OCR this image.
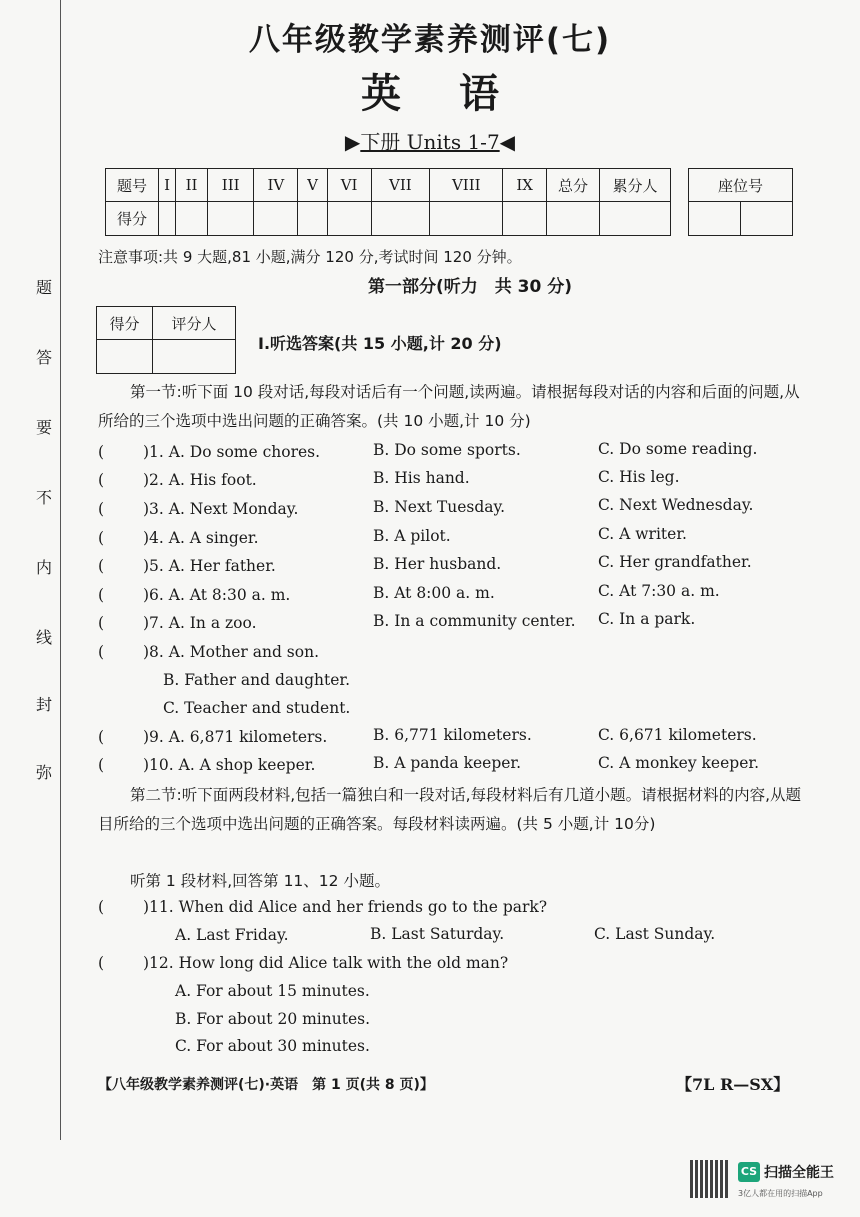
题
答
要
不
内
线
封
弥
八年级教学素养测评(七)
英语
▶下册 Units 1-7◀
题号	I	II	III	IV	V	VI	VII	VIII	IX	总分	累分人
得分											
座位号

注意事项:共 9 大题,81 小题,满分 120 分,考试时间 120 分钟。
第一部分(听力　共 30 分)
得分	评分人

Ⅰ.听选答案(共 15 小题,计 20 分)
第一节:听下面 10 段对话,每段对话后有一个问题,读两遍。请根据每段对话的内容和后面的问题,从所给的三个选项中选出问题的正确答案。(共 10 小题,计 10 分)
(	)1. A. Do some chores.	B. Do some sports.	C. Do some reading.
(	)2. A. His foot.	B. His hand.	C. His leg.
(	)3. A. Next Monday.	B. Next Tuesday.	C. Next Wednesday.
(	)4. A. A singer.	B. A pilot.	C. A writer.
(	)5. A. Her father.	B. Her husband.	C. Her grandfather.
(	)6. A. At 8:30 a. m.	B. At 8:00 a. m.	C. At 7:30 a. m.
(	)7. A. In a zoo.	B. In a community center. C. In a park.
(	)8. A. Mother and son.
B. Father and daughter.
C. Teacher and student.
(	)9. A. 6,871 kilometers.	B. 6,771 kilometers.	C. 6,671 kilometers.
(	)10. A. A shop keeper.	B. A panda keeper.	C. A monkey keeper.
第二节:听下面两段材料,包括一篇独白和一段对话,每段材料后有几道小题。请根据材料的内容,从题目所给的三个选项中选出问题的正确答案。每段材料读两遍。(共 5 小题,计 10分)
听第 1 段材料,回答第 11、12 小题。
(	)11. When did Alice and her friends go to the park?
A. Last Friday.	B. Last Saturday.	C. Last Sunday.
(	)12. How long did Alice talk with the old man?
A. For about 15 minutes.
B. For about 20 minutes.
C. For about 30 minutes.
【八年级教学素养测评(七)·英语　第 1 页(共 8 页)】	【7L R—SX】
CS 扫描全能王
3亿人都在用的扫描App
